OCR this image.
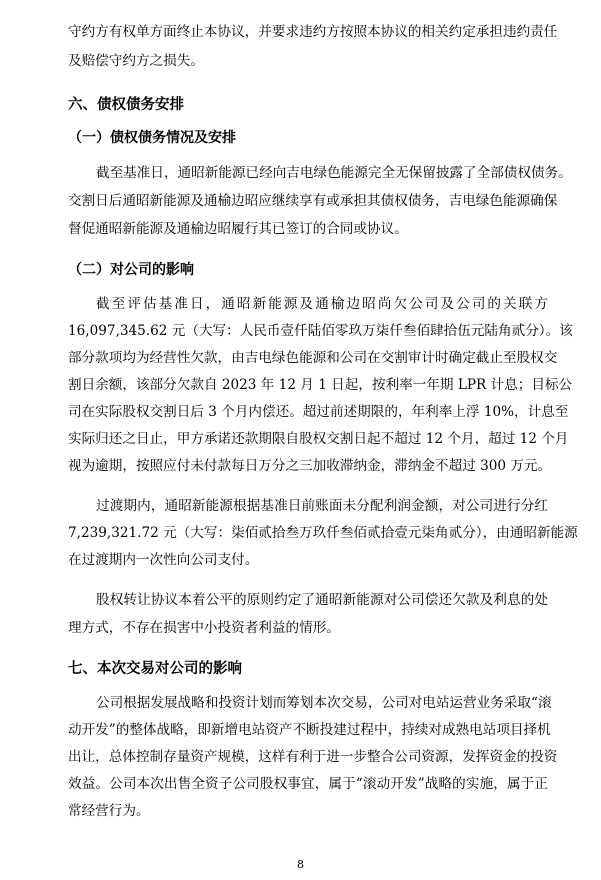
守约方有权单方面终止本协议，并要求违约方按照本协议的相关约定承担违约责任
及赔偿守约方之损失。
六、债权债务安排
（一）债权债务情况及安排
截至基准日，通昭新能源已经向吉电绿色能源完全无保留披露了全部债权债务。
交割日后通昭新能源及通榆边昭应继续享有或承担其债权债务，吉电绿色能源确保
督促通昭新能源及通榆边昭履行其已签订的合同或协议。
（二）对公司的影响
截至评估基准日，通昭新能源及通榆边昭尚欠公司及公司的关联方
16,097,345.62 元（大写：人民币壹仟陆佰零玖万柒仟叁佰肆拾伍元陆角贰分）。该
部分款项均为经营性欠款，由吉电绿色能源和公司在交割审计时确定截止至股权交
割日余额，该部分欠款自 2023 年 12 月 1 日起，按利率一年期 LPR 计息；目标公
司在实际股权交割日后 3 个月内偿还。超过前述期限的，年利率上浮 10%，计息至
实际归还之日止，甲方承诺还款期限自股权交割日起不超过 12 个月，超过 12 个月
视为逾期，按照应付未付款每日万分之三加收滞纳金，滞纳金不超过 300 万元。
过渡期内，通昭新能源根据基准日前账面未分配利润金额，对公司进行分红
7,239,321.72 元（大写：柒佰贰拾叁万玖仟叁佰贰拾壹元柒角贰分），由通昭新能源
在过渡期内一次性向公司支付。
股权转让协议本着公平的原则约定了通昭新能源对公司偿还欠款及利息的处
理方式，不存在损害中小投资者利益的情形。
七、本次交易对公司的影响
公司根据发展战略和投资计划而筹划本次交易，公司对电站运营业务采取“滚
动开发”的整体战略，即新增电站资产不断投建过程中，持续对成熟电站项目择机
出让，总体控制存量资产规模，这样有利于进一步整合公司资源，发挥资金的投资
效益。公司本次出售全资子公司股权事宜，属于“滚动开发”战略的实施，属于正
常经营行为。
8
